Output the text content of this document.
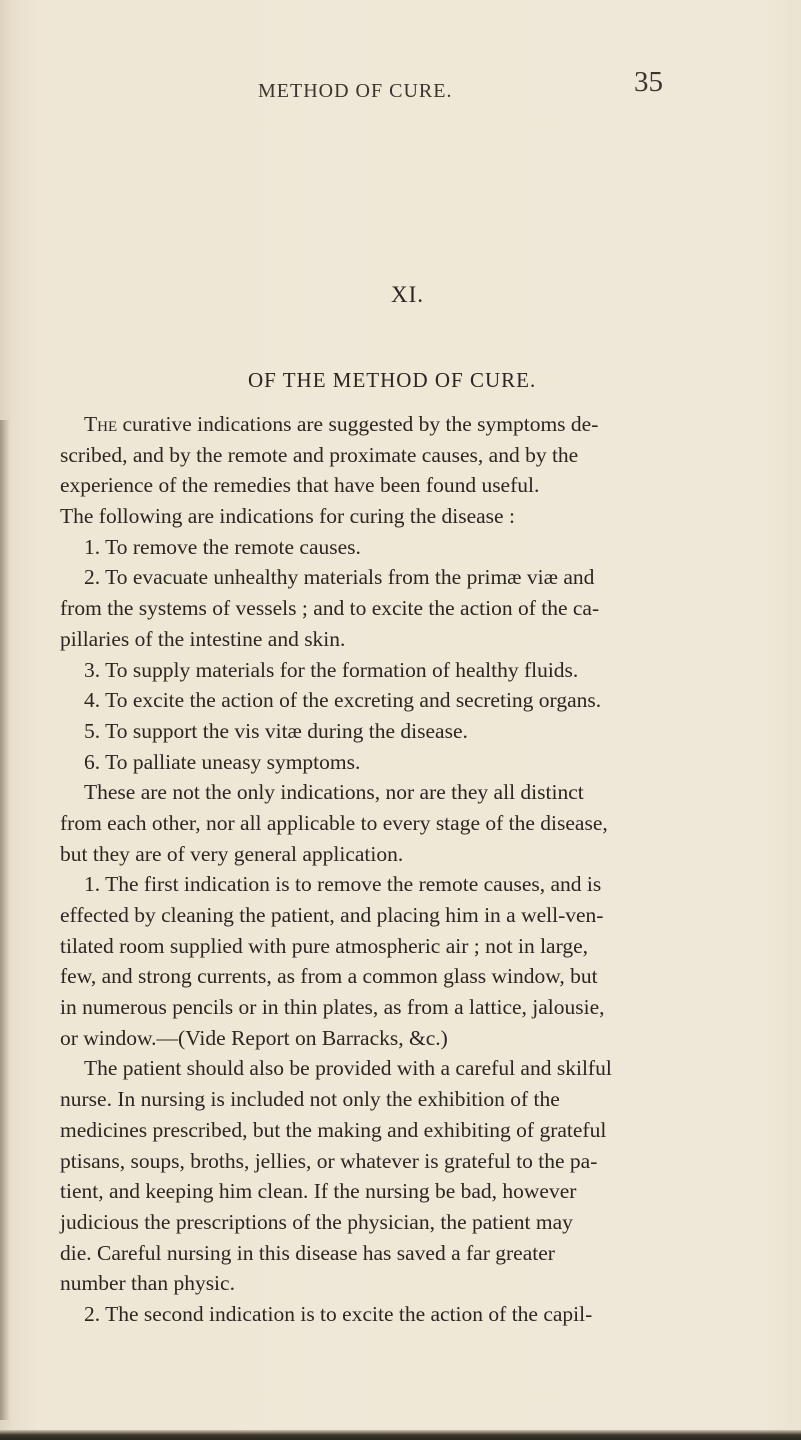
METHOD OF CURE.	35
XI.
OF THE METHOD OF CURE.
The curative indications are suggested by the symptoms de-
scribed, and by the remote and proximate causes, and by the
experience of the remedies that have been found useful.
The following are indications for curing the disease :
1. To remove the remote causes.
2. To evacuate unhealthy materials from the primæ viæ and
from the systems of vessels ; and to excite the action of the ca-
pillaries of the intestine and skin.
3. To supply materials for the formation of healthy fluids.
4. To excite the action of the excreting and secreting organs.
5. To support the vis vitæ during the disease.
6. To palliate uneasy symptoms.
These are not the only indications, nor are they all distinct
from each other, nor all applicable to every stage of the disease,
but they are of very general application.
1. The first indication is to remove the remote causes, and is
effected by cleaning the patient, and placing him in a well-ven-
tilated room supplied with pure atmospheric air ; not in large,
few, and strong currents, as from a common glass window, but
in numerous pencils or in thin plates, as from a lattice, jalousie,
or window.—(Vide Report on Barracks, &c.)
The patient should also be provided with a careful and skilful
nurse. In nursing is included not only the exhibition of the
medicines prescribed, but the making and exhibiting of grateful
ptisans, soups, broths, jellies, or whatever is grateful to the pa-
tient, and keeping him clean. If the nursing be bad, however
judicious the prescriptions of the physician, the patient may
die. Careful nursing in this disease has saved a far greater
number than physic.
2. The second indication is to excite the action of the capil-
